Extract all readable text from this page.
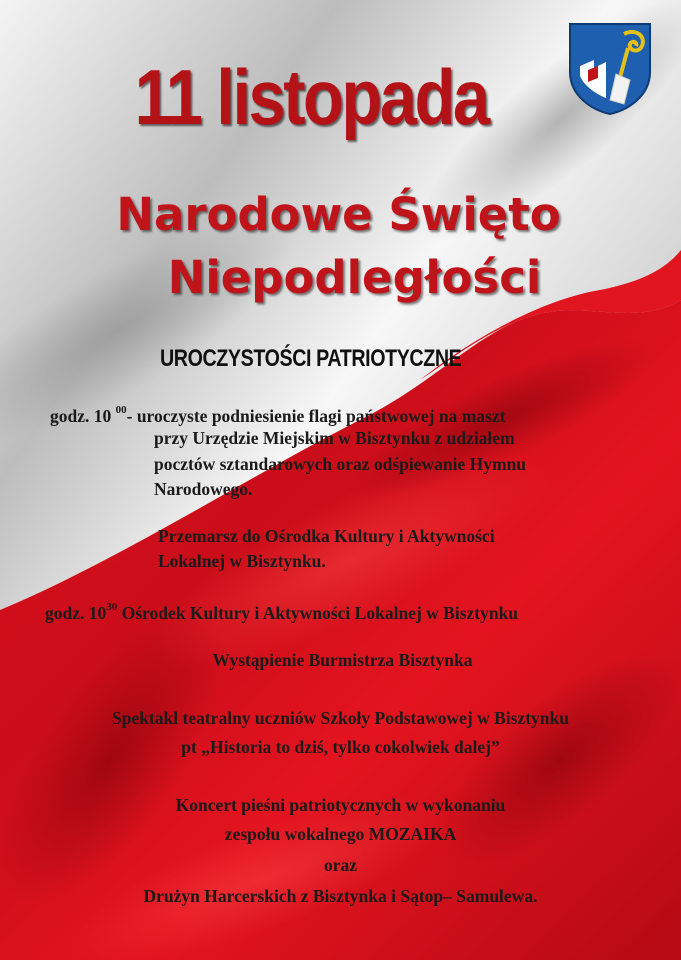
11 listopada
Narodowe Święto
Niepodległości
UROCZYSTOŚCI PATRIOTYCZNE
godz. 10 $^{00}$- uroczyste podniesienie flagi państwowej na maszt
przy Urzędzie Miejskim w Bisztynku z udziałem
pocztów sztandarowych oraz odśpiewanie Hymnu
Narodowego.
Przemarsz do Ośrodka Kultury i Aktywności
Lokalnej w Bisztynku.
godz. $10^{30}$ Ośrodek Kultury i Aktywności Lokalnej w Bisztynku
Wystąpienie Burmistrza Bisztynka
Spektakl teatralny uczniów Szkoły Podstawowej w Bisztynku
pt „Historia to dziś, tylko cokolwiek dalej”
Koncert pieśni patriotycznych w wykonaniu
zespołu wokalnego MOZAIKA
oraz
Drużyn Harcerskich z Bisztynka i Sątop– Samulewa.
